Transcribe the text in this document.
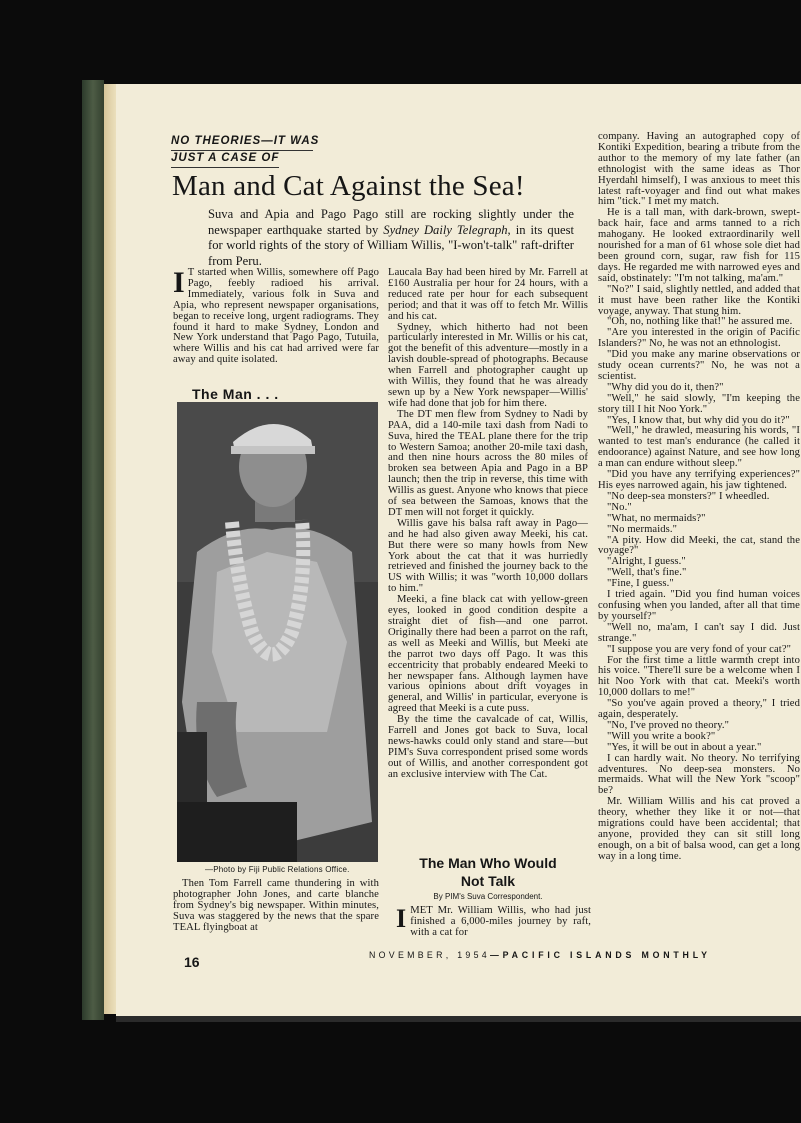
NO THEORIES—IT WAS
JUST A CASE OF
Man and Cat Against the Sea!

Suva and Apia and Pago Pago still are rocking slightly under the newspaper earthquake started by Sydney Daily Telegraph, in its quest for world rights of the story of William Willis, "I-won't-talk" raft-drifter from Peru.

I T started when Willis, somewhere off Pago Pago, feebly radioed his arrival. Immediately, various folk in Suva and Apia, who represent newspaper organisations, began to receive long, urgent radiograms. They found it hard to make Sydney, London and New York understand that Pago Pago, Tutuila, where Willis and his cat had arrived were far away and quite isolated.
The Man . . .
—Photo by Fiji Public Relations Office.

Then Tom Farrell came thundering in with photographer John Jones, and carte blanche from Sydney's big newspaper. Within minutes, Suva was staggered by the news that the spare TEAL flyingboat at

Laucala Bay had been hired by Mr. Farrell at £160 Australia per hour for 24 hours, with a reduced rate per hour for each subsequent period; and that it was off to fetch Mr. Willis and his cat.

Sydney, which hitherto had not been particularly interested in Mr. Willis or his cat, got the benefit of this adventure—mostly in a lavish double-spread of photographs. Because when Farrell and photographer caught up with Willis, they found that he was already sewn up by a New York newspaper—Willis' wife had done that job for him there.

The DT men flew from Sydney to Nadi by PAA, did a 140-mile taxi dash from Nadi to Suva, hired the TEAL plane there for the trip to Western Samoa; another 20-mile taxi dash, and then nine hours across the 80 miles of broken sea between Apia and Pago in a BP launch; then the trip in reverse, this time with Willis as guest. Anyone who knows that piece of sea between the Samoas, knows that the DT men will not forget it quickly.

Willis gave his balsa raft away in Pago—and he had also given away Meeki, his cat. But there were so many howls from New York about the cat that it was hurriedly retrieved and finished the journey back to the US with Willis; it was "worth 10,000 dollars to him."

Meeki, a fine black cat with yellow-green eyes, looked in good condition despite a straight diet of fish—and one parrot. Originally there had been a parrot on the raft, as well as Meeki and Willis, but Meeki ate the parrot two days off Pago. It was this eccentricity that probably endeared Meeki to her newspaper fans. Although laymen have various opinions about drift voyages in general, and Willis' in particular, everyone is agreed that Meeki is a cute puss.

By the time the cavalcade of cat, Willis, Farrell and Jones got back to Suva, local news-hawks could only stand and stare—but PIM's Suva correspondent prised some words out of Willis, and another correspondent got an exclusive interview with The Cat.

The Man Who Would
Not Talk
By PIM's Suva Correspondent.
I MET Mr. William Willis, who had just finished a 6,000-miles journey by raft, with a cat for

company. Having an autographed copy of Kontiki Expedition, bearing a tribute from the author to the memory of my late father (an ethnologist with the same ideas as Thor Hyerdahl himself), I was anxious to meet this latest raft-voyager and find out what makes him "tick." I met my match.

He is a tall man, with dark-brown, swept-back hair, face and arms tanned to a rich mahogany. He looked extraordinarily well nourished for a man of 61 whose sole diet had been ground corn, sugar, raw fish for 115 days. He regarded me with narrowed eyes and said, obstinately: "I'm not talking, ma'am."

"No?" I said, slightly nettled, and added that it must have been rather like the Kontiki voyage, anyway. That stung him.

"Oh, no, nothing like that!" he assured me.

"Are you interested in the origin of Pacific Islanders?" No, he was not an ethnologist.

"Did you make any marine observations or study ocean currents?" No, he was not a scientist.

"Why did you do it, then?"

"Well," he said slowly, "I'm keeping the story till I hit Noo York."

"Yes, I know that, but why did you do it?"

"Well," he drawled, measuring his words, "I wanted to test man's endurance (he called it endoorance) against Nature, and see how long a man can endure without sleep."

"Did you have any terrifying experiences?" His eyes narrowed again, his jaw tightened.

"No deep-sea monsters?" I wheedled.

"No."

"What, no mermaids?"

"No mermaids."

"A pity. How did Meeki, the cat, stand the voyage?"

"Alright, I guess."

"Well, that's fine."

"Fine, I guess."

I tried again. "Did you find human voices confusing when you landed, after all that time by yourself?"

"Well no, ma'am, I can't say I did. Just strange."

"I suppose you are very fond of your cat?"

For the first time a little warmth crept into his voice. "There'll sure be a welcome when I hit Noo York with that cat. Meeki's worth 10,000 dollars to me!"

"So you've again proved a theory," I tried again, desperately.

"No, I've proved no theory."

"Will you write a book?"

"Yes, it will be out in about a year."

I can hardly wait. No theory. No terrifying adventures. No deep-sea monsters. No mermaids. What will the New York "scoop" be?

Mr. William Willis and his cat proved a theory, whether they like it or not—that migrations could have been accidental; that anyone, provided they can sit still long enough, on a bit of balsa wood, can get a long way in a long time.

16	NOVEMBER, 1954—PACIFIC ISLANDS MONTHLY
